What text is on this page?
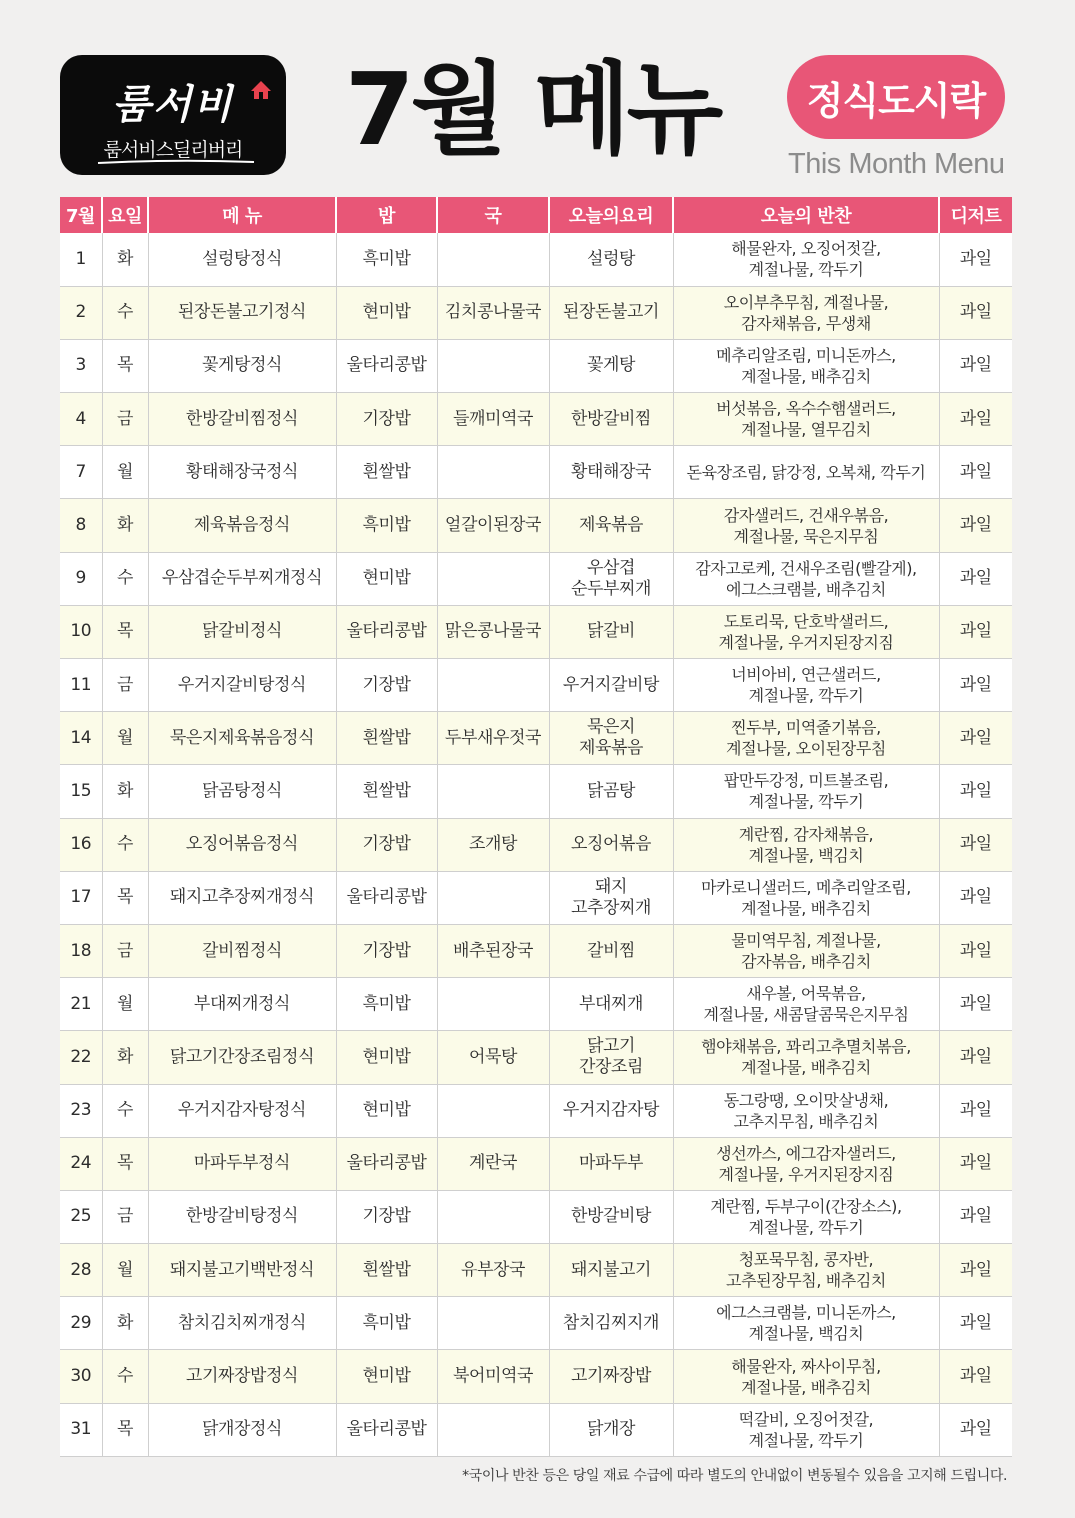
룸서비
룸서비스딜리버리	7월 메뉴	정식도시락
This Month Menu
7월	요일	메 뉴	밥	국	오늘의요리	오늘의 반찬	디저트
1	화	설렁탕정식	흑미밥		설렁탕	해물완자, 오징어젓갈,
계절나물, 깍두기	과일
2	수	된장돈불고기정식	현미밥	김치콩나물국	된장돈불고기	오이부추무침, 계절나물,
감자채볶음, 무생채	과일
3	목	꽃게탕정식	울타리콩밥		꽃게탕	메추리알조림, 미니돈까스,
계절나물, 배추김치	과일
4	금	한방갈비찜정식	기장밥	들깨미역국	한방갈비찜	버섯볶음, 옥수수햄샐러드,
계절나물, 열무김치	과일
7	월	황태해장국정식	흰쌀밥		황태해장국	돈육장조림, 닭강정, 오복채, 깍두기	과일
8	화	제육볶음정식	흑미밥	얼갈이된장국	제육볶음	감자샐러드, 건새우볶음,
계절나물, 묵은지무침	과일
9	수	우삼겹순두부찌개정식	현미밥		우삼겹
순두부찌개	감자고로케, 건새우조림(빨갈게),
에그스크램블, 배추김치	과일
10	목	닭갈비정식	울타리콩밥	맑은콩나물국	닭갈비	도토리묵, 단호박샐러드,
계절나물, 우거지된장지짐	과일
11	금	우거지갈비탕정식	기장밥		우거지갈비탕	너비아비, 연근샐러드,
계절나물, 깍두기	과일
14	월	묵은지제육볶음정식	흰쌀밥	두부새우젓국	묵은지
제육볶음	찐두부, 미역줄기볶음,
계절나물, 오이된장무침	과일
15	화	닭곰탕정식	흰쌀밥		닭곰탕	팝만두강정, 미트볼조림,
계절나물, 깍두기	과일
16	수	오징어볶음정식	기장밥	조개탕	오징어볶음	계란찜, 감자채볶음,
계절나물, 백김치	과일
17	목	돼지고추장찌개정식	울타리콩밥		돼지
고추장찌개	마카로니샐러드, 메추리알조림,
계절나물, 배추김치	과일
18	금	갈비찜정식	기장밥	배추된장국	갈비찜	물미역무침, 계절나물,
감자볶음, 배추김치	과일
21	월	부대찌개정식	흑미밥		부대찌개	새우볼, 어묵볶음,
계절나물, 새콤달콤묵은지무침	과일
22	화	닭고기간장조림정식	현미밥	어묵탕	닭고기
간장조림	햄야채볶음, 꽈리고추멸치볶음,
계절나물, 배추김치	과일
23	수	우거지감자탕정식	현미밥		우거지감자탕	동그랑땡, 오이맛살냉채,
고추지무침, 배추김치	과일
24	목	마파두부정식	울타리콩밥	계란국	마파두부	생선까스, 에그감자샐러드,
계절나물, 우거지된장지짐	과일
25	금	한방갈비탕정식	기장밥		한방갈비탕	계란찜, 두부구이(간장소스),
계절나물, 깍두기	과일
28	월	돼지불고기백반정식	흰쌀밥	유부장국	돼지불고기	청포묵무침, 콩자반,
고추된장무침, 배추김치	과일
29	화	참치김치찌개정식	흑미밥		참치김찌지개	에그스크램블, 미니돈까스,
계절나물, 백김치	과일
30	수	고기짜장밥정식	현미밥	북어미역국	고기짜장밥	해물완자, 짜사이무침,
계절나물, 배추김치	과일
31	목	닭개장정식	울타리콩밥		닭개장	떡갈비, 오징어젓갈,
계절나물, 깍두기	과일
*국이나 반찬 등은 당일 재료 수급에 따라 별도의 안내없이 변동될수 있음을 고지해 드립니다.
